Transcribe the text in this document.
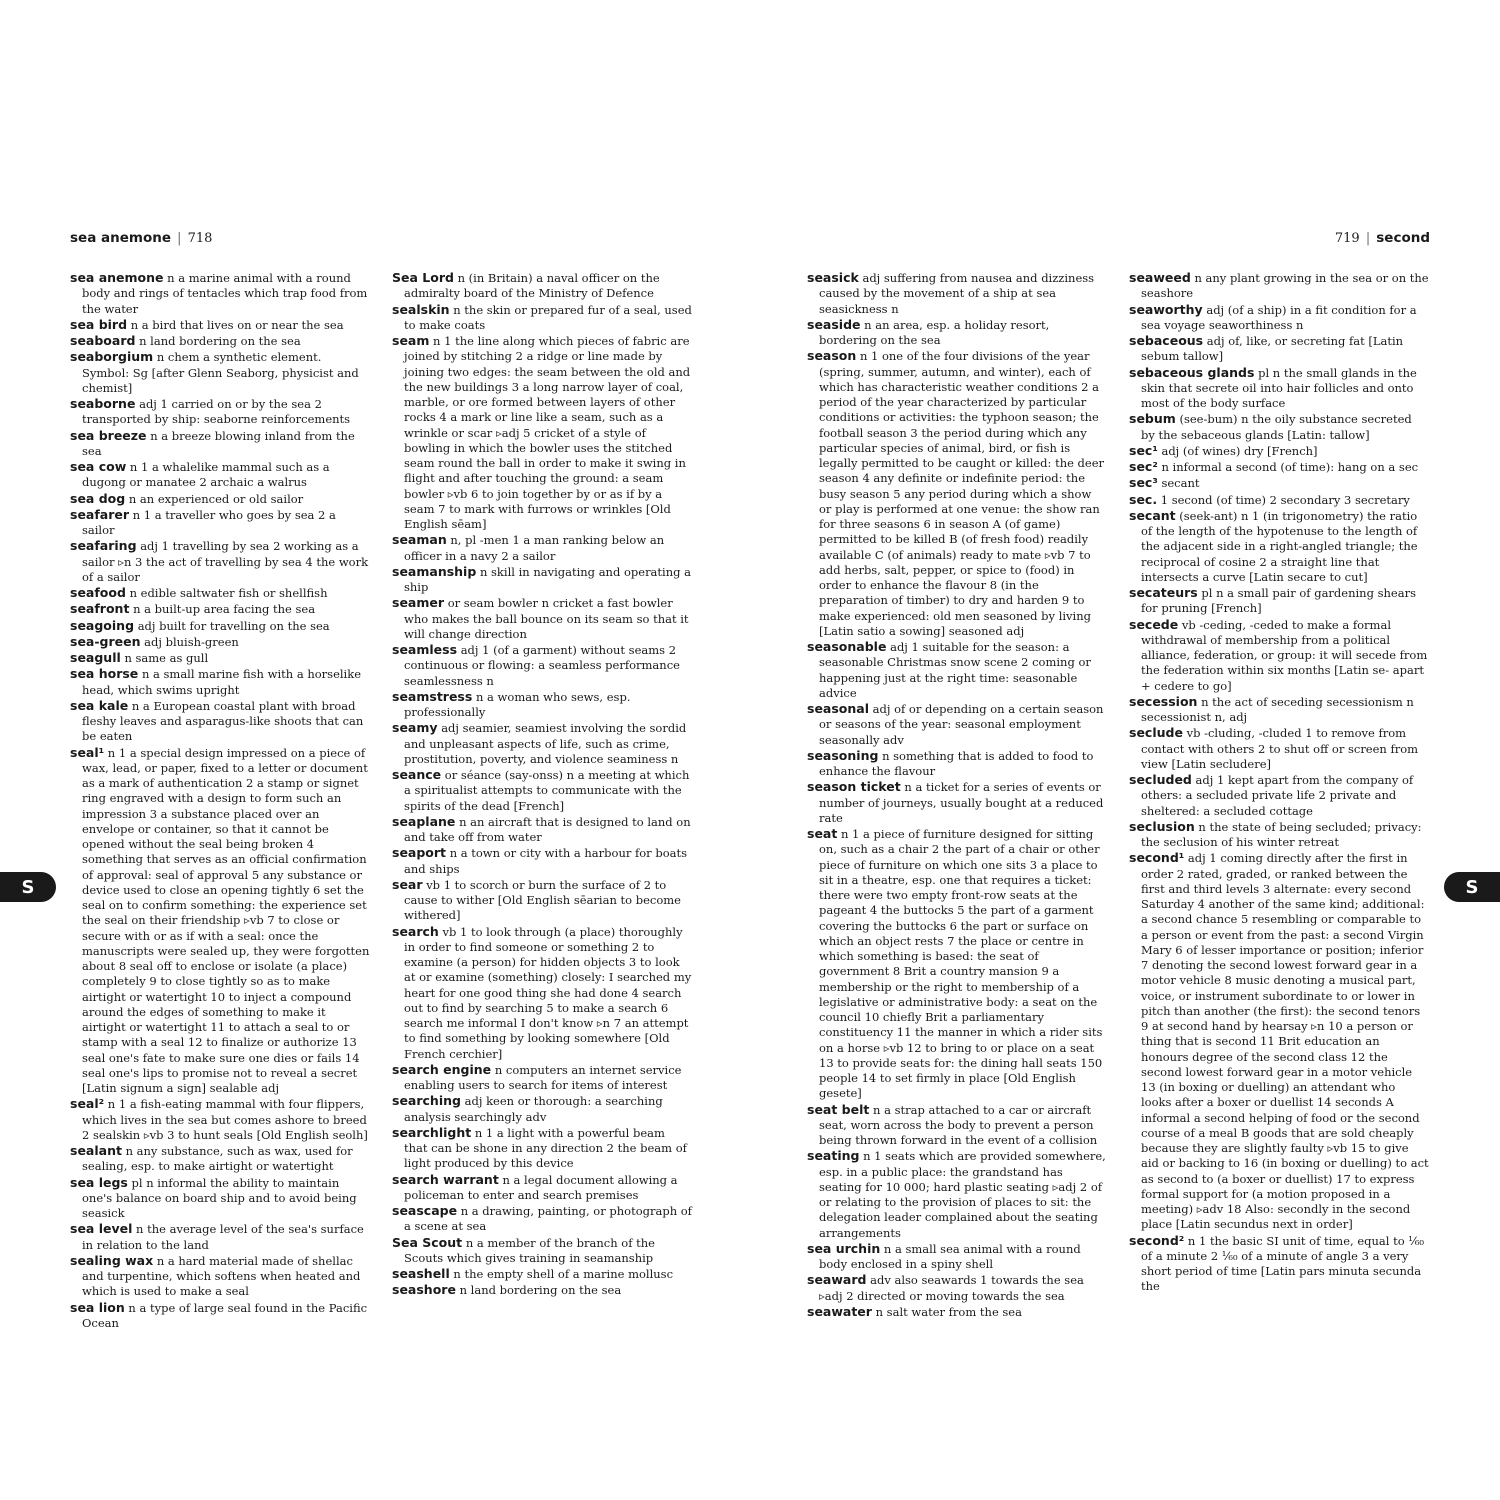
sea anemone | 718	719 | second

sea anemone n a marine animal with a round body and rings of tentacles which trap food from the water

sea bird n a bird that lives on or near the sea

seaboard n land bordering on the sea

seaborgium n chem a synthetic element. Symbol: Sg [after Glenn Seaborg, physicist and chemist]

seaborne adj 1 carried on or by the sea 2 transported by ship: seaborne reinforcements

sea breeze n a breeze blowing inland from the sea

sea cow n 1 a whalelike mammal such as a dugong or manatee 2 archaic a walrus

sea dog n an experienced or old sailor

seafarer n 1 a traveller who goes by sea 2 a sailor

seafaring adj 1 travelling by sea 2 working as a sailor ▹n 3 the act of travelling by sea 4 the work of a sailor

seafood n edible saltwater fish or shellfish

seafront n a built-up area facing the sea

seagoing adj built for travelling on the sea

sea-green adj bluish-green

seagull n same as gull

sea horse n a small marine fish with a horselike head, which swims upright

sea kale n a European coastal plant with broad fleshy leaves and asparagus-like shoots that can be eaten

seal¹ n 1 a special design impressed on a piece of wax, lead, or paper, fixed to a letter or document as a mark of authentication 2 a stamp or signet ring engraved with a design to form such an impression 3 a substance placed over an envelope or container, so that it cannot be opened without the seal being broken 4 something that serves as an official confirmation of approval: seal of approval 5 any substance or device used to close an opening tightly 6 set the seal on to confirm something: the experience set the seal on their friendship ▹vb 7 to close or secure with or as if with a seal: once the manuscripts were sealed up, they were forgotten about 8 seal off to enclose or isolate (a place) completely 9 to close tightly so as to make airtight or watertight 10 to inject a compound around the edges of something to make it airtight or watertight 11 to attach a seal to or stamp with a seal 12 to finalize or authorize 13 seal one's fate to make sure one dies or fails 14 seal one's lips to promise not to reveal a secret [Latin signum a sign] sealable adj

seal² n 1 a fish-eating mammal with four flippers, which lives in the sea but comes ashore to breed 2 sealskin ▹vb 3 to hunt seals [Old English seolh]

sealant n any substance, such as wax, used for sealing, esp. to make airtight or watertight

sea legs pl n informal the ability to maintain one's balance on board ship and to avoid being seasick

sea level n the average level of the sea's surface in relation to the land

sealing wax n a hard material made of shellac and turpentine, which softens when heated and which is used to make a seal

sea lion n a type of large seal found in the Pacific Ocean

Sea Lord n (in Britain) a naval officer on the admiralty board of the Ministry of Defence

sealskin n the skin or prepared fur of a seal, used to make coats

seam n 1 the line along which pieces of fabric are joined by stitching 2 a ridge or line made by joining two edges: the seam between the old and the new buildings 3 a long narrow layer of coal, marble, or ore formed between layers of other rocks 4 a mark or line like a seam, such as a wrinkle or scar ▹adj 5 cricket of a style of bowling in which the bowler uses the stitched seam round the ball in order to make it swing in flight and after touching the ground: a seam bowler ▹vb 6 to join together by or as if by a seam 7 to mark with furrows or wrinkles [Old English sēam]

seaman n, pl -men 1 a man ranking below an officer in a navy 2 a sailor

seamanship n skill in navigating and operating a ship

seamer or seam bowler n cricket a fast bowler who makes the ball bounce on its seam so that it will change direction

seamless adj 1 (of a garment) without seams 2 continuous or flowing: a seamless performance seamlessness n

seamstress n a woman who sews, esp. professionally

seamy adj seamier, seamiest involving the sordid and unpleasant aspects of life, such as crime, prostitution, poverty, and violence seaminess n

seance or séance (say-onss) n a meeting at which a spiritualist attempts to communicate with the spirits of the dead [French]

seaplane n an aircraft that is designed to land on and take off from water

seaport n a town or city with a harbour for boats and ships

sear vb 1 to scorch or burn the surface of 2 to cause to wither [Old English sēarian to become withered]

search vb 1 to look through (a place) thoroughly in order to find someone or something 2 to examine (a person) for hidden objects 3 to look at or examine (something) closely: I searched my heart for one good thing she had done 4 search out to find by searching 5 to make a search 6 search me informal I don't know ▹n 7 an attempt to find something by looking somewhere [Old French cerchier]

search engine n computers an internet service enabling users to search for items of interest

searching adj keen or thorough: a searching analysis searchingly adv

searchlight n 1 a light with a powerful beam that can be shone in any direction 2 the beam of light produced by this device

search warrant n a legal document allowing a policeman to enter and search premises

seascape n a drawing, painting, or photograph of a scene at sea

Sea Scout n a member of the branch of the Scouts which gives training in seamanship

seashell n the empty shell of a marine mollusc

seashore n land bordering on the sea

seasick adj suffering from nausea and dizziness caused by the movement of a ship at sea seasickness n

seaside n an area, esp. a holiday resort, bordering on the sea

season n 1 one of the four divisions of the year (spring, summer, autumn, and winter), each of which has characteristic weather conditions 2 a period of the year characterized by particular conditions or activities: the typhoon season; the football season 3 the period during which any particular species of animal, bird, or fish is legally permitted to be caught or killed: the deer season 4 any definite or indefinite period: the busy season 5 any period during which a show or play is performed at one venue: the show ran for three seasons 6 in season A (of game) permitted to be killed B (of fresh food) readily available C (of animals) ready to mate ▹vb 7 to add herbs, salt, pepper, or spice to (food) in order to enhance the flavour 8 (in the preparation of timber) to dry and harden 9 to make experienced: old men seasoned by living [Latin satio a sowing] seasoned adj

seasonable adj 1 suitable for the season: a seasonable Christmas snow scene 2 coming or happening just at the right time: seasonable advice

seasonal adj of or depending on a certain season or seasons of the year: seasonal employment seasonally adv

seasoning n something that is added to food to enhance the flavour

season ticket n a ticket for a series of events or number of journeys, usually bought at a reduced rate

seat n 1 a piece of furniture designed for sitting on, such as a chair 2 the part of a chair or other piece of furniture on which one sits 3 a place to sit in a theatre, esp. one that requires a ticket: there were two empty front-row seats at the pageant 4 the buttocks 5 the part of a garment covering the buttocks 6 the part or surface on which an object rests 7 the place or centre in which something is based: the seat of government 8 Brit a country mansion 9 a membership or the right to membership of a legislative or administrative body: a seat on the council 10 chiefly Brit a parliamentary constituency 11 the manner in which a rider sits on a horse ▹vb 12 to bring to or place on a seat 13 to provide seats for: the dining hall seats 150 people 14 to set firmly in place [Old English gesete]

seat belt n a strap attached to a car or aircraft seat, worn across the body to prevent a person being thrown forward in the event of a collision

seating n 1 seats which are provided somewhere, esp. in a public place: the grandstand has seating for 10 000; hard plastic seating ▹adj 2 of or relating to the provision of places to sit: the delegation leader complained about the seating arrangements

sea urchin n a small sea animal with a round body enclosed in a spiny shell

seaward adv also seawards 1 towards the sea ▹adj 2 directed or moving towards the sea

seawater n salt water from the sea

seaweed n any plant growing in the sea or on the seashore

seaworthy adj (of a ship) in a fit condition for a sea voyage seaworthiness n

sebaceous adj of, like, or secreting fat [Latin sebum tallow]

sebaceous glands pl n the small glands in the skin that secrete oil into hair follicles and onto most of the body surface

sebum (see-bum) n the oily substance secreted by the sebaceous glands [Latin: tallow]

sec¹ adj (of wines) dry [French]

sec² n informal a second (of time): hang on a sec

sec³ secant

sec. 1 second (of time) 2 secondary 3 secretary

secant (seek-ant) n 1 (in trigonometry) the ratio of the length of the hypotenuse to the length of the adjacent side in a right-angled triangle; the reciprocal of cosine 2 a straight line that intersects a curve [Latin secare to cut]

secateurs pl n a small pair of gardening shears for pruning [French]

secede vb -ceding, -ceded to make a formal withdrawal of membership from a political alliance, federation, or group: it will secede from the federation within six months [Latin se- apart + cedere to go]

secession n the act of seceding secessionism n secessionist n, adj

seclude vb -cluding, -cluded 1 to remove from contact with others 2 to shut off or screen from view [Latin secludere]

secluded adj 1 kept apart from the company of others: a secluded private life 2 private and sheltered: a secluded cottage

seclusion n the state of being secluded; privacy: the seclusion of his winter retreat

second¹ adj 1 coming directly after the first in order 2 rated, graded, or ranked between the first and third levels 3 alternate: every second Saturday 4 another of the same kind; additional: a second chance 5 resembling or comparable to a person or event from the past: a second Virgin Mary 6 of lesser importance or position; inferior 7 denoting the second lowest forward gear in a motor vehicle 8 music denoting a musical part, voice, or instrument subordinate to or lower in pitch than another (the first): the second tenors 9 at second hand by hearsay ▹n 10 a person or thing that is second 11 Brit education an honours degree of the second class 12 the second lowest forward gear in a motor vehicle 13 (in boxing or duelling) an attendant who looks after a boxer or duellist 14 seconds A informal a second helping of food or the second course of a meal B goods that are sold cheaply because they are slightly faulty ▹vb 15 to give aid or backing to 16 (in boxing or duelling) to act as second to (a boxer or duellist) 17 to express formal support for (a motion proposed in a meeting) ▹adv 18 Also: secondly in the second place [Latin secundus next in order]

second² n 1 the basic SI unit of time, equal to ¹⁄₆₀ of a minute 2 ¹⁄₆₀ of a minute of angle 3 a very short period of time [Latin pars minuta secunda the

S	S
